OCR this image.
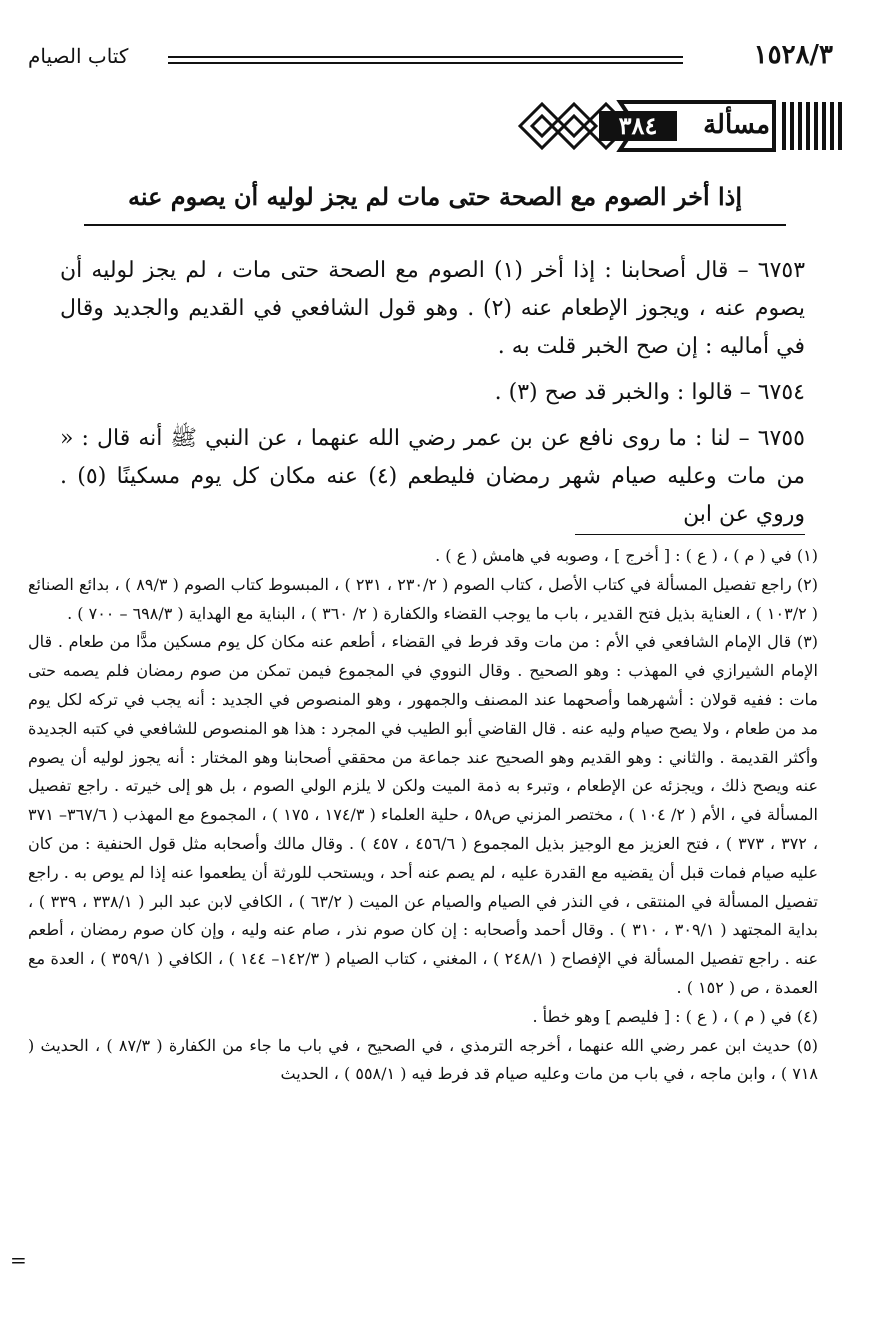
١٥٢٨/٣
كتاب الصيام
مسألة
٣٨٤
إذا أخر الصوم مع الصحة حتى مات لم يجز لوليه أن يصوم عنه

٦٧٥٣ – قال أصحابنا : إذا أخر (١) الصوم مع الصحة حتى مات ، لم يجز لوليه أن يصوم عنه ، ويجوز الإطعام عنه (٢) . وهو قول الشافعي في القديم والجديد وقال في أماليه : إن صح الخبر قلت به .

٦٧٥٤ – قالوا : والخبر قد صح (٣) .

٦٧٥٥ – لنا : ما روى نافع عن بن عمر رضي الله عنهما ، عن النبي ﷺ أنه قال : « من مات وعليه صيام شهر رمضان فليطعم (٤) عنه مكان كل يوم مسكينًا (٥) . وروي عن ابن

(١) في ( م ) ، ( ع ) : [ أخرج ] ، وصوبه في هامش ( ع ) .

(٢) راجع تفصيل المسألة في كتاب الأصل ، كتاب الصوم ( ٢٣٠/٢ ، ٢٣١ ) ، المبسوط كتاب الصوم ( ٨٩/٣ ) ، بدائع الصنائع ( ١٠٣/٢ ) ، العناية بذيل فتح القدير ، باب ما يوجب القضاء والكفارة ( ٢/ ٣٦٠ ) ، البناية مع الهداية ( ٦٩٨/٣ – ٧٠٠ ) .

(٣) قال الإمام الشافعي في الأم : من مات وقد فرط في القضاء ، أطعم عنه مكان كل يوم مسكين مدًّا من طعام . قال الإمام الشيرازي في المهذب : وهو الصحيح . وقال النووي في المجموع فيمن تمكن من صوم رمضان فلم يصمه حتى مات : ففيه قولان : أشهرهما وأصحهما عند المصنف والجمهور ، وهو المنصوص في الجديد : أنه يجب في تركه لكل يوم مد من طعام ، ولا يصح صيام وليه عنه . قال القاضي أبو الطيب في المجرد : هذا هو المنصوص للشافعي في كتبه الجديدة وأكثر القديمة . والثاني : وهو القديم وهو الصحيح عند جماعة من محققي أصحابنا وهو المختار : أنه يجوز لوليه أن يصوم عنه ويصح ذلك ، ويجزئه عن الإطعام ، وتبرء به ذمة الميت ولكن لا يلزم الولي الصوم ، بل هو إلى خيرته . راجع تفصيل المسألة في ، الأم ( ٢/ ١٠٤ ) ، مختصر المزني ص٥٨ ، حلية العلماء ( ١٧٤/٣ ، ١٧٥ ) ، المجموع مع المهذب ( ٣٦٧/٦– ٣٧١ ، ٣٧٢ ، ٣٧٣ ) ، فتح العزيز مع الوجيز بذيل المجموع ( ٤٥٦/٦ ، ٤٥٧ ) . وقال مالك وأصحابه مثل قول الحنفية : من كان عليه صيام فمات قبل أن يقضيه مع القدرة عليه ، لم يصم عنه أحد ، ويستحب للورثة أن يطعموا عنه إذا لم يوص به . راجع تفصيل المسألة في المنتقى ، في النذر في الصيام والصيام عن الميت ( ٦٣/٢ ) ، الكافي لابن عبد البر ( ٣٣٨/١ ، ٣٣٩ ) ، بداية المجتهد ( ٣٠٩/١ ، ٣١٠ ) . وقال أحمد وأصحابه : إن كان صوم نذر ، صام عنه وليه ، وإن كان صوم رمضان ، أطعم عنه . راجع تفصيل المسألة في الإفصاح ( ٢٤٨/١ ) ، المغني ، كتاب الصيام ( ١٤٢/٣– ١٤٤ ) ، الكافي ( ٣٥٩/١ ) ، العدة مع العمدة ، ص ( ١٥٢ ) .

(٤) في ( م ) ، ( ع ) : [ فليصم ] وهو خطأ .

(٥) حديث ابن عمر رضي الله عنهما ، أخرجه الترمذي ، في الصحيح ، في باب ما جاء من الكفارة ( ٨٧/٣ ) ، الحديث ( ٧١٨ ) ، وابن ماجه ، في باب من مات وعليه صيام قد فرط فيه ( ٥٥٨/١ ) ، الحديث

=
